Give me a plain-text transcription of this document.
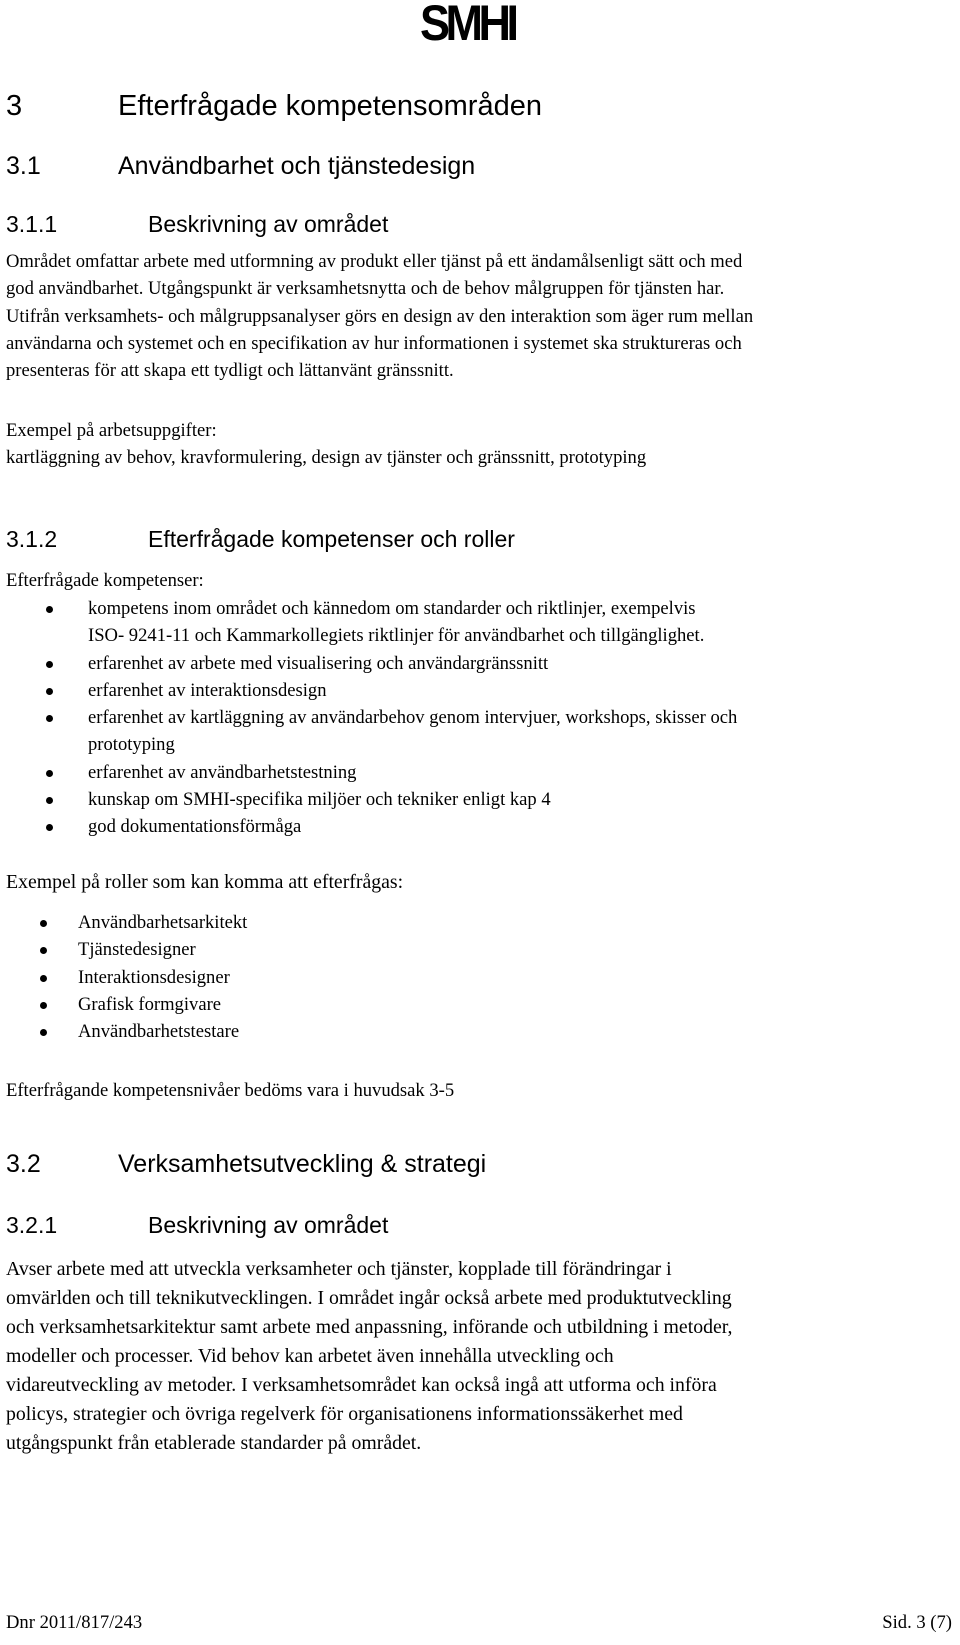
SMHI
3	Efterfrågade kompetensområden
3.1	Användbarhet och tjänstedesign
3.1.1	Beskrivning av området

Området omfattar arbete med utformning av produkt eller tjänst på ett ändamålsenligt sätt och med
god användbarhet. Utgångspunkt är verksamhetsnytta och de behov målgruppen för tjänsten har.
Utifrån verksamhets- och målgruppsanalyser görs en design av den interaktion som äger rum mellan
användarna och systemet och en specifikation av hur informationen i systemet ska struktureras och
presenteras för att skapa ett tydligt och lättanvänt gränssnitt.

Exempel på arbetsuppgifter:
kartläggning av behov, kravformulering, design av tjänster och gränssnitt, prototyping

3.1.2	Efterfrågade kompetenser och roller

Efterfrågade kompetenser:

kompetens inom området och kännedom om standarder och riktlinjer, exempelvis
ISO- 9241-11 och Kammarkollegiets riktlinjer för användbarhet och tillgänglighet.
erfarenhet av arbete med visualisering och användargränssnitt
erfarenhet av interaktionsdesign
erfarenhet av kartläggning av användarbehov genom intervjuer, workshops, skisser och
prototyping
erfarenhet av användbarhetstestning
kunskap om SMHI-specifika miljöer och tekniker enligt kap 4
god dokumentationsförmåga

Exempel på roller som kan komma att efterfrågas:

Användbarhetsarkitekt
Tjänstedesigner
Interaktionsdesigner
Grafisk formgivare
Användbarhetstestare

Efterfrågande kompetensnivåer bedöms vara i huvudsak 3-5

3.2	Verksamhetsutveckling & strategi
3.2.1	Beskrivning av området

Avser arbete med att utveckla verksamheter och tjänster, kopplade till förändringar i
omvärlden och till teknikutvecklingen. I området ingår också arbete med produktutveckling
och verksamhetsarkitektur samt arbete med anpassning, införande och utbildning i metoder,
modeller och processer. Vid behov kan arbetet även innehålla utveckling och
vidareutveckling av metoder. I verksamhetsområdet kan också ingå att utforma och införa
policys, strategier och övriga regelverk för organisationens informationssäkerhet med
utgångspunkt från etablerade standarder på området.

Dnr 2011/817/243	Sid. 3 (7)
